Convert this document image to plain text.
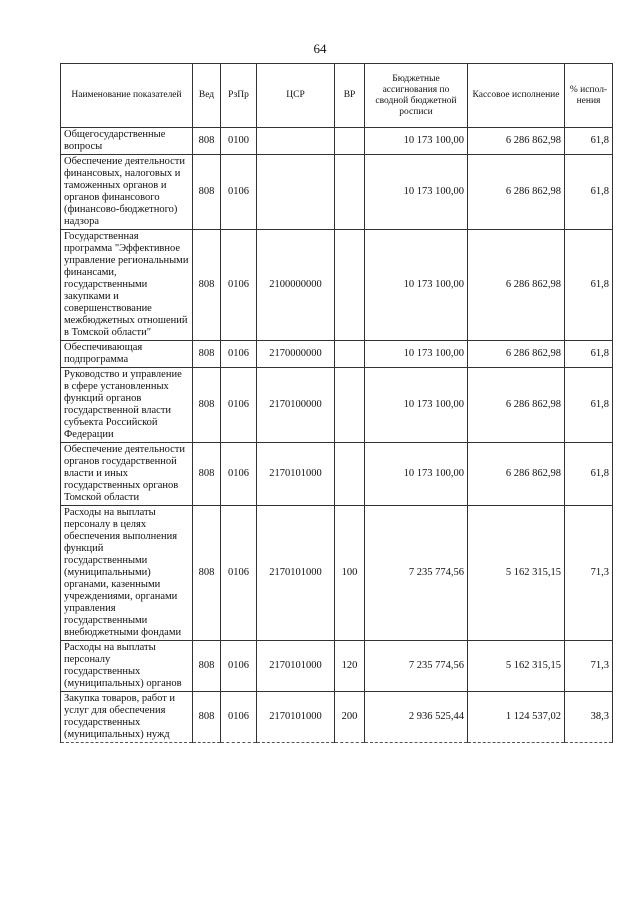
64
Наименование показателей	Вед	РзПр	ЦСР	ВР	Бюджетные ассигнования по сводной бюджетной росписи	Кассовое исполнение	% испол-нения
Общегосударственные вопросы	808	0100			10 173 100,00	6 286 862,98	61,8
Обеспечение деятельности финансовых, налоговых и таможенных органов и органов финансового (финансово-бюджетного) надзора	808	0106			10 173 100,00	6 286 862,98	61,8
Государственная программа "Эффективное управление региональными финансами, государственными закупками и совершенствование межбюджетных отношений в Томской области"	808	0106	2100000000		10 173 100,00	6 286 862,98	61,8
Обеспечивающая подпрограмма	808	0106	2170000000		10 173 100,00	6 286 862,98	61,8
Руководство и управление в сфере установленных функций органов государственной власти субъекта Российской Федерации	808	0106	2170100000		10 173 100,00	6 286 862,98	61,8
Обеспечение деятельности органов государственной власти и иных государственных органов Томской области	808	0106	2170101000		10 173 100,00	6 286 862,98	61,8
Расходы на выплаты персоналу в целях обеспечения выполнения функций государственными (муниципальными) органами, казенными учреждениями, органами управления государственными внебюджетными фондами	808	0106	2170101000	100	7 235 774,56	5 162 315,15	71,3
Расходы на выплаты персоналу государственных (муниципальных) органов	808	0106	2170101000	120	7 235 774,56	5 162 315,15	71,3
Закупка товаров, работ и услуг для обеспечения государственных (муниципальных) нужд	808	0106	2170101000	200	2 936 525,44	1 124 537,02	38,3
